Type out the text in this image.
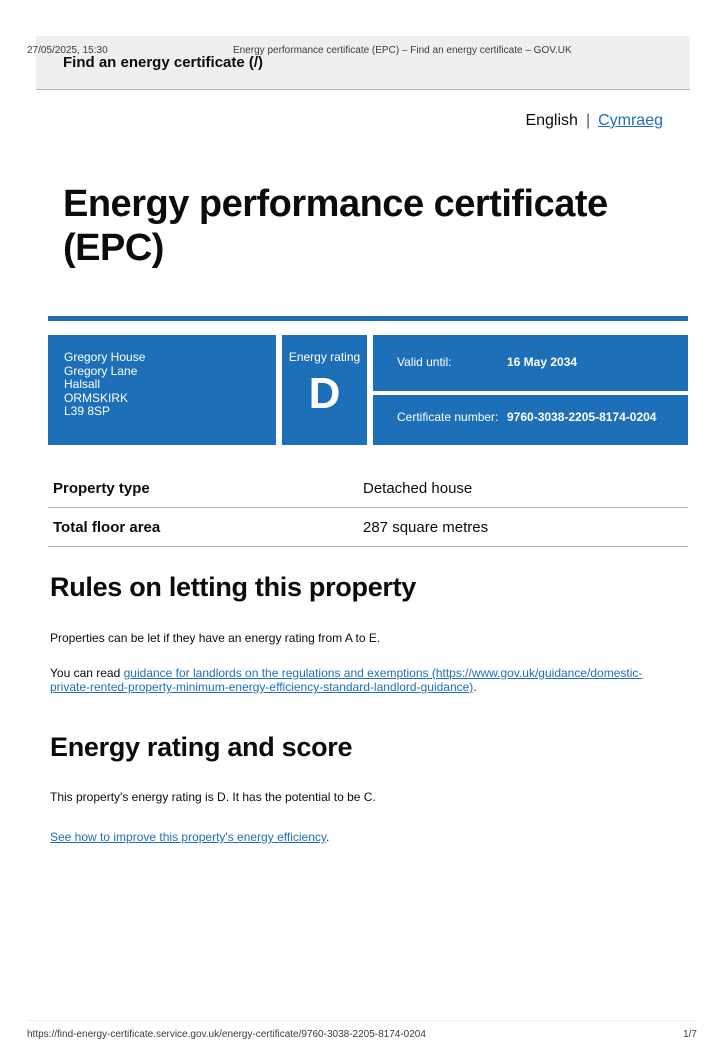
27/05/2025, 15:30	Energy performance certificate (EPC) – Find an energy certificate – GOV.UK
Find an energy certificate (/)
English | Cymraeg
Energy performance certificate (EPC)
Gregory House
Gregory Lane
Halsall
ORMSKIRK
L39 8SP
Energy rating
D
Valid until:	16 May 2034
Certificate number: 9760-3038-2205-8174-0204
Property type	Detached house
Total floor area	287 square metres
Rules on letting this property

Properties can be let if they have an energy rating from A to E.

You can read guidance for landlords on the regulations and exemptions (https://www.gov.uk/guidance/domestic-private-rented-property-minimum-energy-efficiency-standard-landlord-guidance).

Energy rating and score

This property's energy rating is D. It has the potential to be C.

See how to improve this property's energy efficiency.

https://find-energy-certificate.service.gov.uk/energy-certificate/9760-3038-2205-8174-0204	1/7
